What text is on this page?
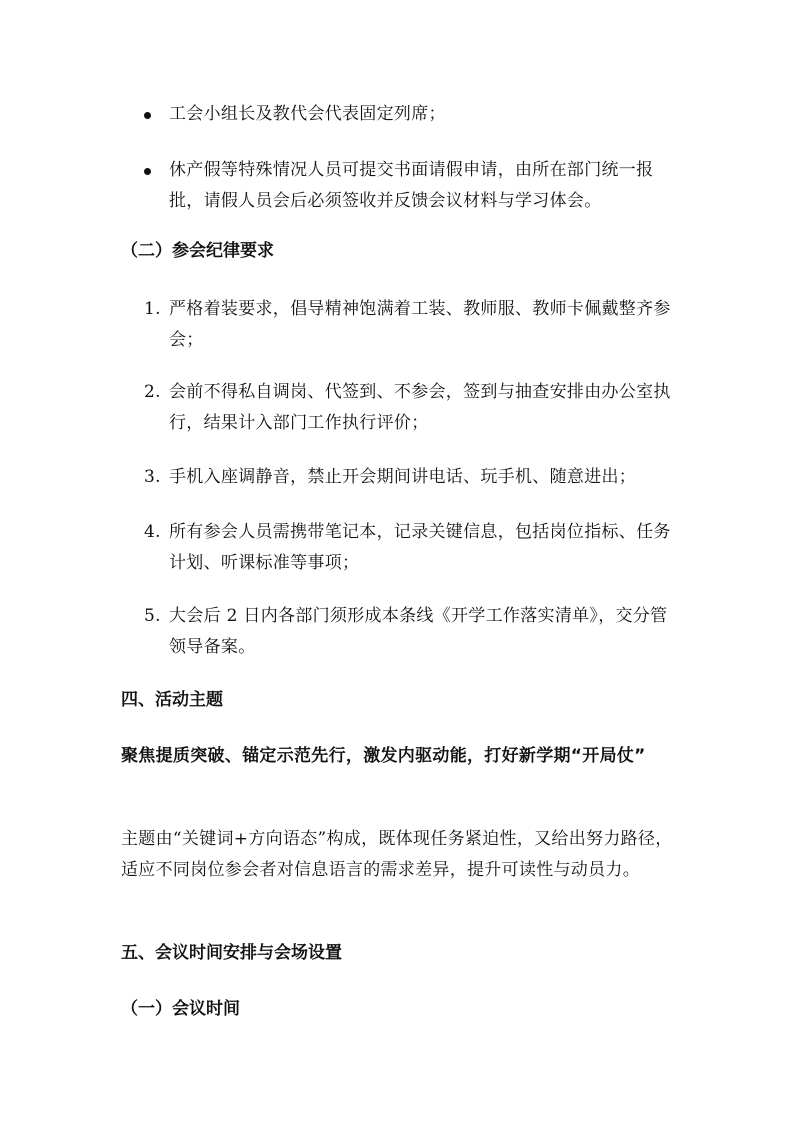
工会小组长及教代会代表固定列席；
休产假等特殊情况人员可提交书面请假申请，由所在部门统一报批，请假人员会后必须签收并反馈会议材料与学习体会。
（二）参会纪律要求
1. 严格着装要求，倡导精神饱满着工装、教师服、教师卡佩戴整齐参会；
2. 会前不得私自调岗、代签到、不参会，签到与抽查安排由办公室执行，结果计入部门工作执行评价；
3. 手机入座调静音，禁止开会期间讲电话、玩手机、随意进出；
4. 所有参会人员需携带笔记本，记录关键信息，包括岗位指标、任务计划、听课标准等事项；
5. 大会后 2 日内各部门须形成本条线《开学工作落实清单》，交分管领导备案。
四、活动主题
聚焦提质突破、锚定示范先行，激发内驱动能，打好新学期“开局仗”
主题由“关键词+方向语态”构成，既体现任务紧迫性，又给出努力路径，适应不同岗位参会者对信息语言的需求差异，提升可读性与动员力。
五、会议时间安排与会场设置
（一）会议时间
